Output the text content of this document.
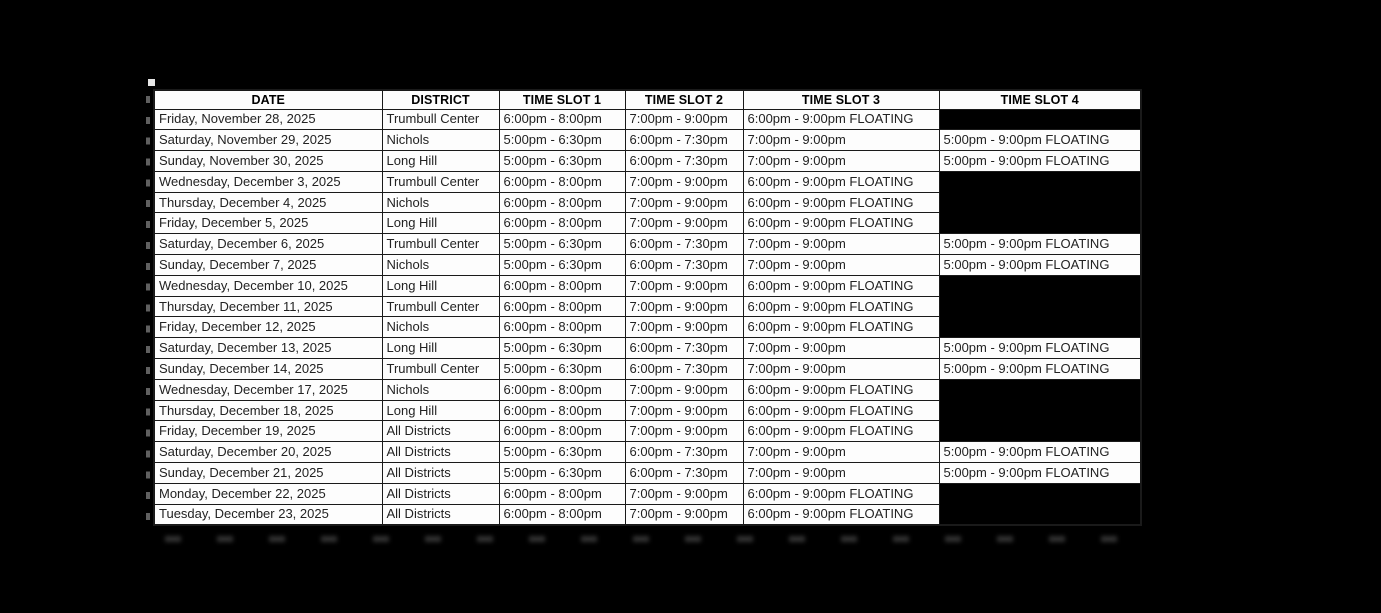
DATE	DISTRICT	TIME SLOT 1	TIME SLOT 2	TIME SLOT 3	TIME SLOT 4
Friday, November 28, 2025	Trumbull Center	6:00pm - 8:00pm	7:00pm - 9:00pm	6:00pm - 9:00pm FLOATING	
Saturday, November 29, 2025	Nichols	5:00pm - 6:30pm	6:00pm - 7:30pm	7:00pm - 9:00pm	5:00pm - 9:00pm FLOATING
Sunday, November 30, 2025	Long Hill	5:00pm - 6:30pm	6:00pm - 7:30pm	7:00pm - 9:00pm	5:00pm - 9:00pm FLOATING
Wednesday, December 3, 2025	Trumbull Center	6:00pm - 8:00pm	7:00pm - 9:00pm	6:00pm - 9:00pm FLOATING	
Thursday, December 4, 2025	Nichols	6:00pm - 8:00pm	7:00pm - 9:00pm	6:00pm - 9:00pm FLOATING	
Friday, December 5, 2025	Long Hill	6:00pm - 8:00pm	7:00pm - 9:00pm	6:00pm - 9:00pm FLOATING	
Saturday, December 6, 2025	Trumbull Center	5:00pm - 6:30pm	6:00pm - 7:30pm	7:00pm - 9:00pm	5:00pm - 9:00pm FLOATING
Sunday, December 7, 2025	Nichols	5:00pm - 6:30pm	6:00pm - 7:30pm	7:00pm - 9:00pm	5:00pm - 9:00pm FLOATING
Wednesday, December 10, 2025	Long Hill	6:00pm - 8:00pm	7:00pm - 9:00pm	6:00pm - 9:00pm FLOATING	
Thursday, December 11, 2025	Trumbull Center	6:00pm - 8:00pm	7:00pm - 9:00pm	6:00pm - 9:00pm FLOATING	
Friday, December 12, 2025	Nichols	6:00pm - 8:00pm	7:00pm - 9:00pm	6:00pm - 9:00pm FLOATING	
Saturday, December 13, 2025	Long Hill	5:00pm - 6:30pm	6:00pm - 7:30pm	7:00pm - 9:00pm	5:00pm - 9:00pm FLOATING
Sunday, December 14, 2025	Trumbull Center	5:00pm - 6:30pm	6:00pm - 7:30pm	7:00pm - 9:00pm	5:00pm - 9:00pm FLOATING
Wednesday, December 17, 2025	Nichols	6:00pm - 8:00pm	7:00pm - 9:00pm	6:00pm - 9:00pm FLOATING	
Thursday, December 18, 2025	Long Hill	6:00pm - 8:00pm	7:00pm - 9:00pm	6:00pm - 9:00pm FLOATING	
Friday, December 19, 2025	All Districts	6:00pm - 8:00pm	7:00pm - 9:00pm	6:00pm - 9:00pm FLOATING	
Saturday, December 20, 2025	All Districts	5:00pm - 6:30pm	6:00pm - 7:30pm	7:00pm - 9:00pm	5:00pm - 9:00pm FLOATING
Sunday, December 21, 2025	All Districts	5:00pm - 6:30pm	6:00pm - 7:30pm	7:00pm - 9:00pm	5:00pm - 9:00pm FLOATING
Monday, December 22, 2025	All Districts	6:00pm - 8:00pm	7:00pm - 9:00pm	6:00pm - 9:00pm FLOATING	
Tuesday, December 23, 2025	All Districts	6:00pm - 8:00pm	7:00pm - 9:00pm	6:00pm - 9:00pm FLOATING	
